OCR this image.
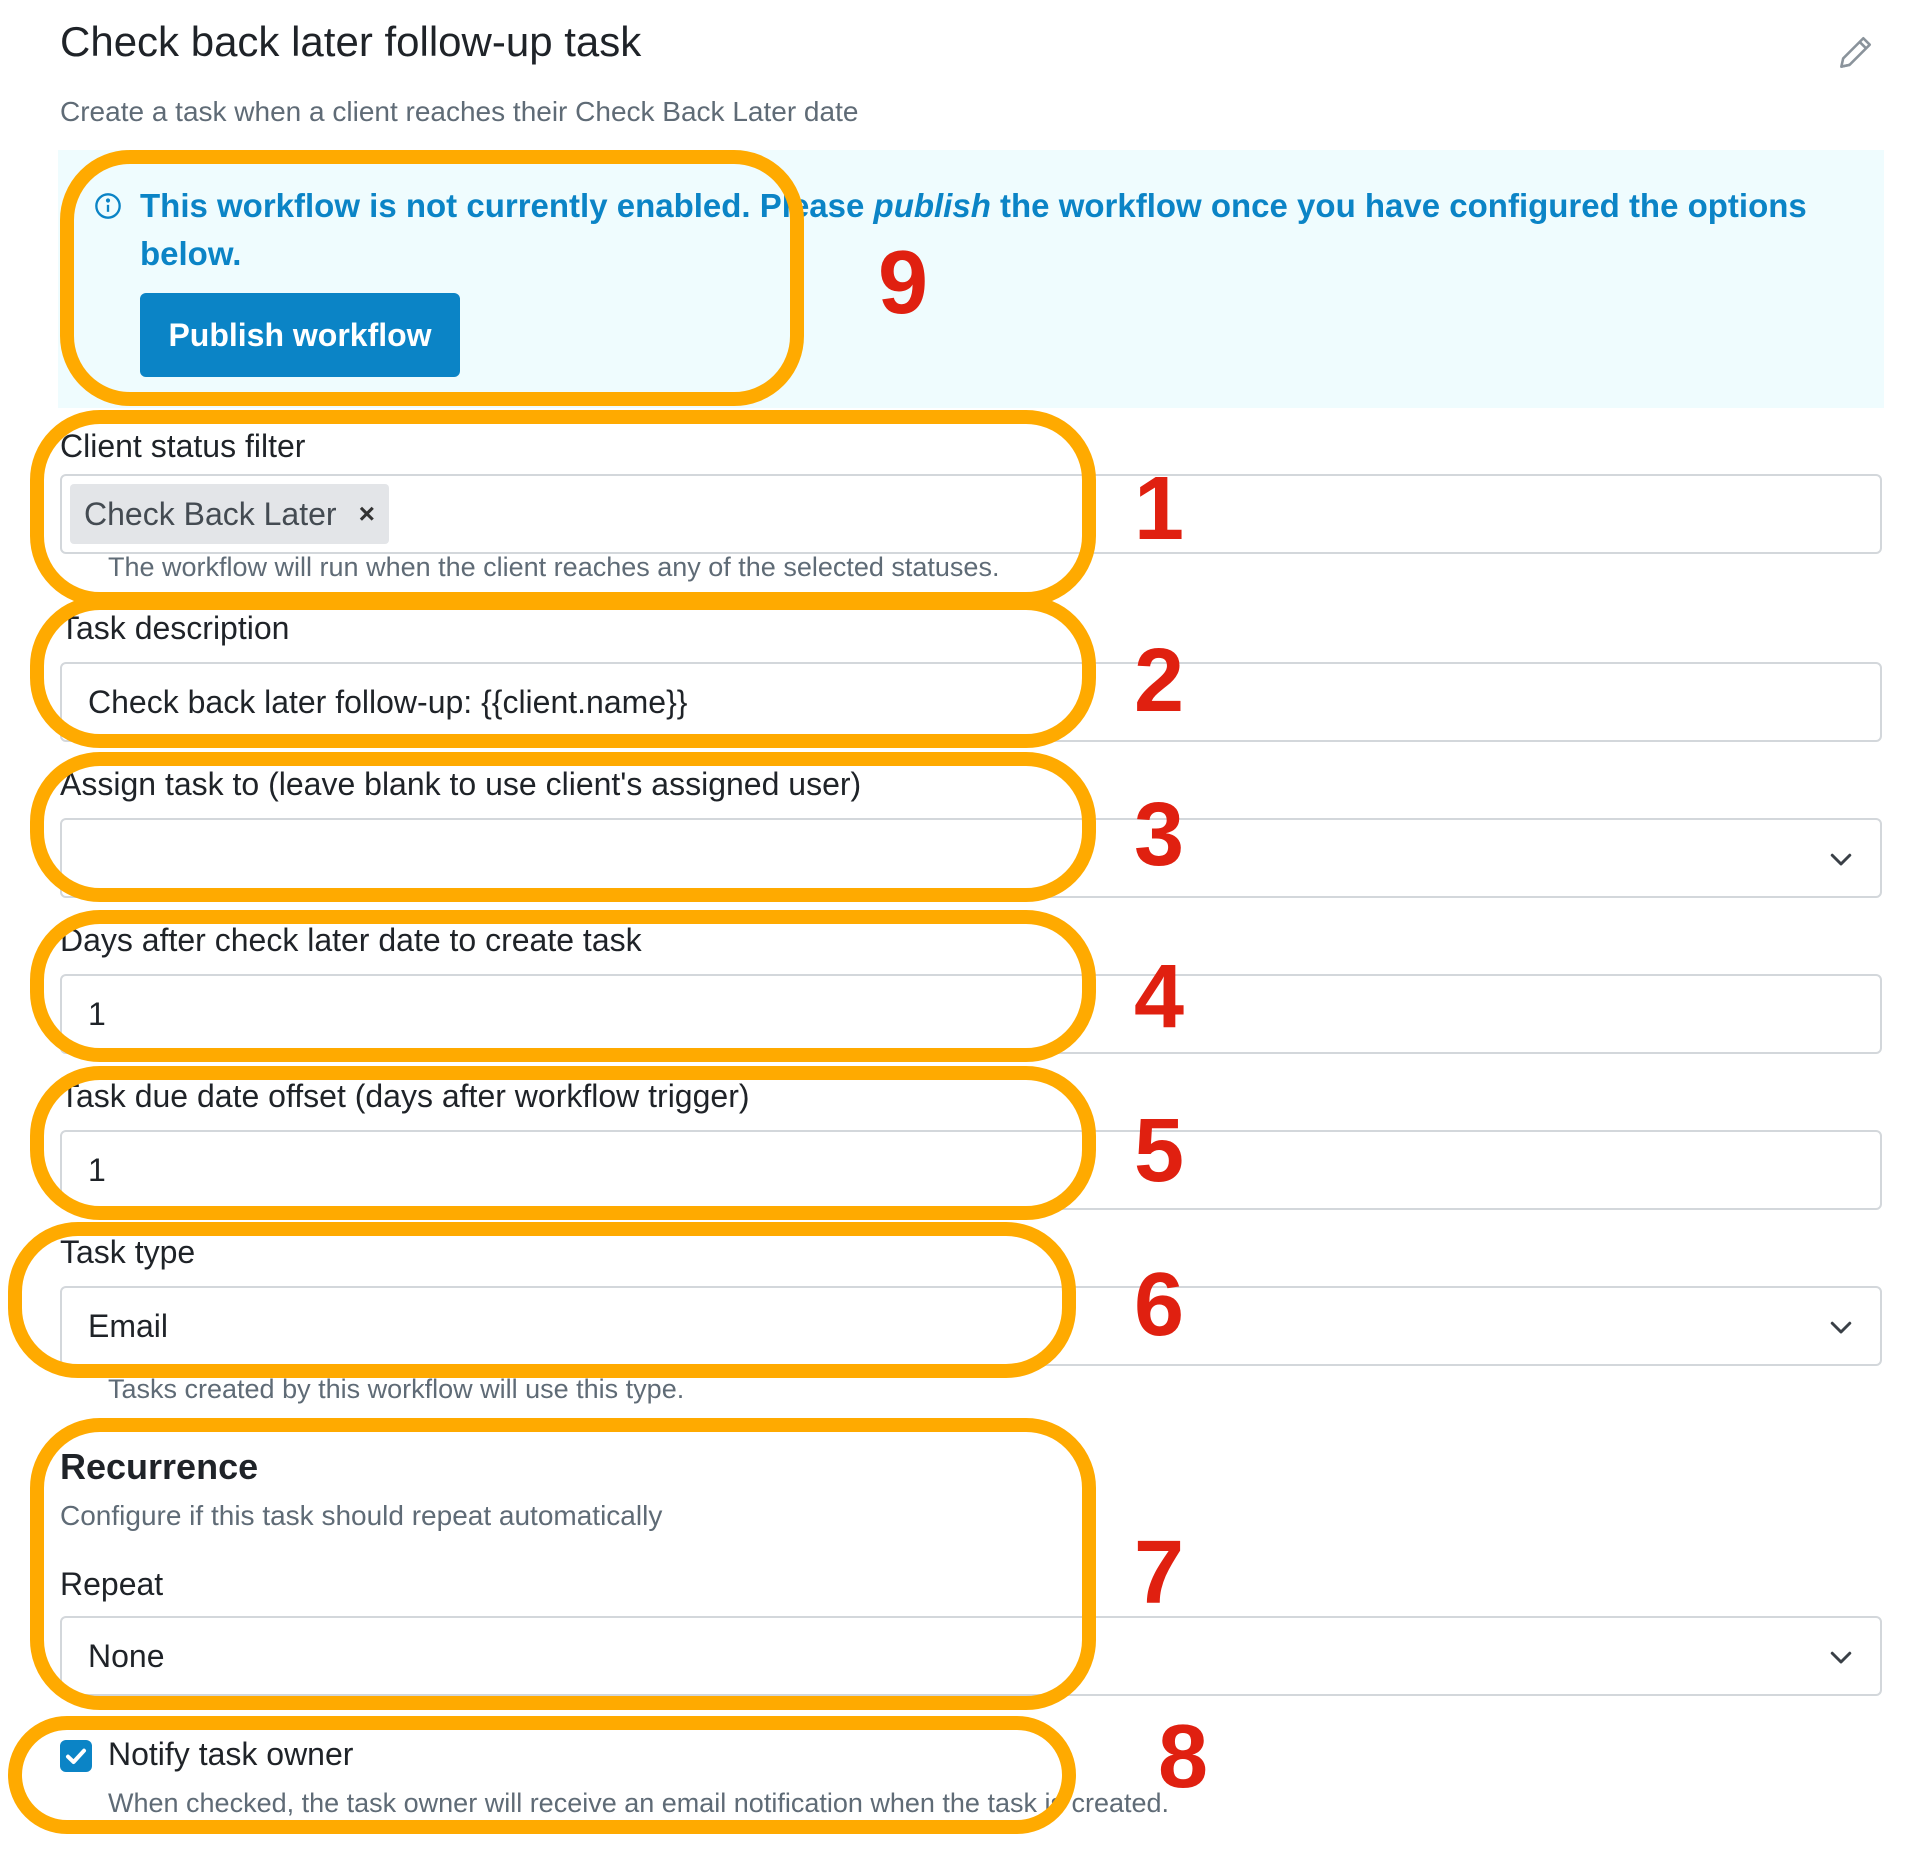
Check back later follow-up task
Create a task when a client reaches their Check Back Later date
This workflow is not currently enabled. Please publish the workflow once you have configured the options below.
Publish workflow
Client status filter
Check Back Later ×
The workflow will run when the client reaches any of the selected statuses.
Task description
Check back later follow-up: {{client.name}}
Assign task to (leave blank to use client's assigned user)
Days after check later date to create task
1
Task due date offset (days after workflow trigger)
1
Task type
Email
Tasks created by this workflow will use this type.
Recurrence
Configure if this task should repeat automatically
Repeat
None
Notify task owner
When checked, the task owner will receive an email notification when the task is created.
1
2
3
4
5
6
7
8
9
